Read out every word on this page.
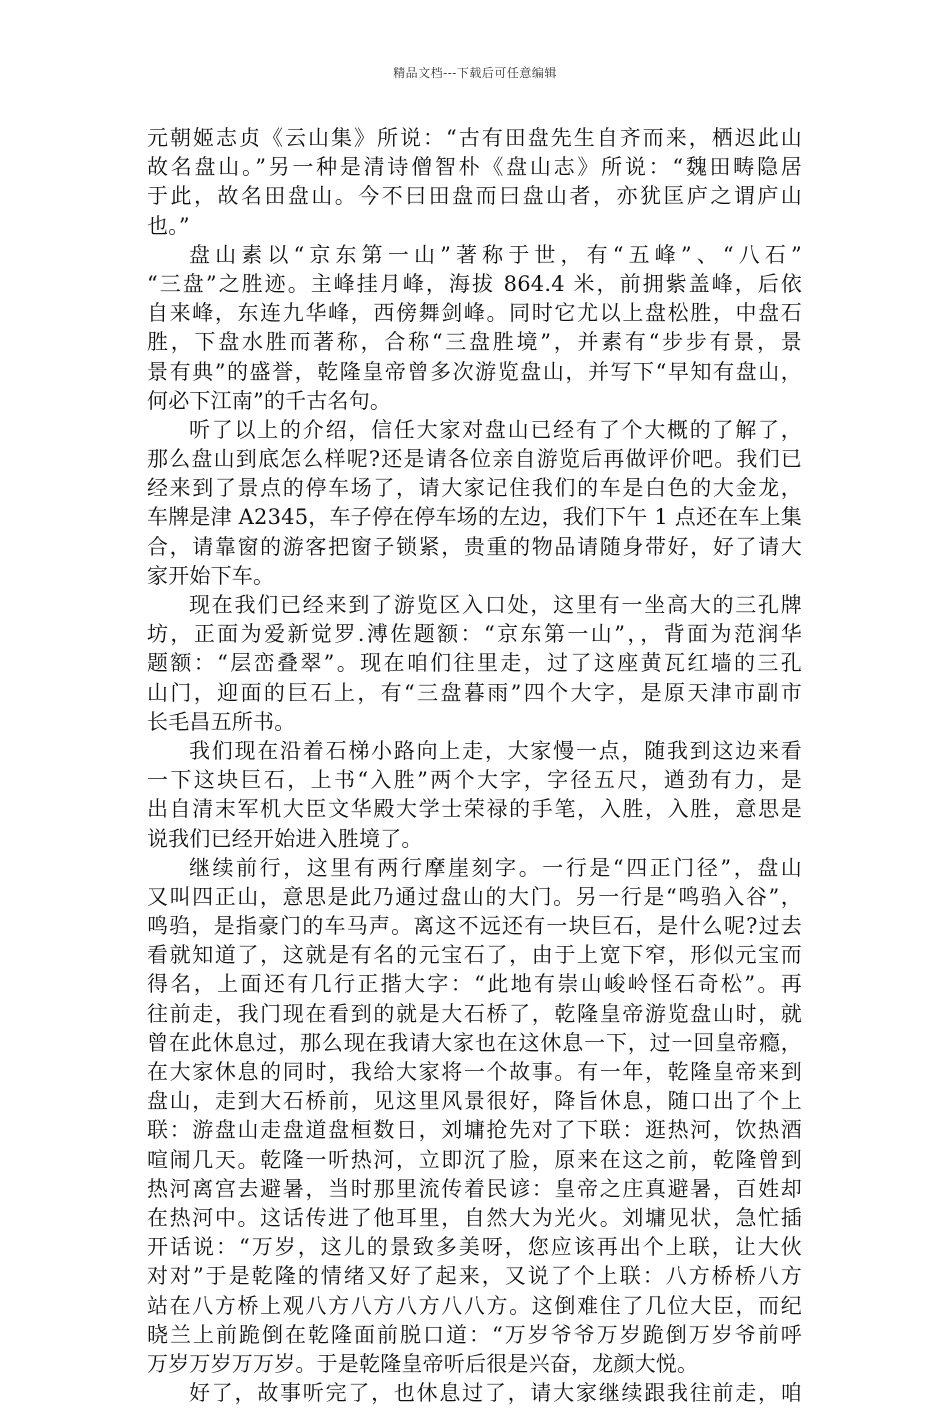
精品文档---下载后可任意编辑
元朝姬志贞《云山集》所说：“古有田盘先生自齐而来，栖迟此山
故名盘山。”另一种是清诗僧智朴《盘山志》所说：“魏田畴隐居
于此，故名田盘山。今不曰田盘而曰盘山者，亦犹匡庐之谓庐山
也。”
盘山素以“京东第一山”著称于世，有“五峰”、“八石”
“三盘”之胜迹。主峰挂月峰，海拔 864.4 米，前拥紫盖峰，后依
自来峰，东连九华峰，西傍舞剑峰。同时它尤以上盘松胜，中盘石
胜，下盘水胜而著称，合称“三盘胜境”，并素有“步步有景，景
景有典”的盛誉，乾隆皇帝曾多次游览盘山，并写下“早知有盘山，
何必下江南”的千古名句。
听了以上的介绍，信任大家对盘山已经有了个大概的了解了，
那么盘山到底怎么样呢?还是请各位亲自游览后再做评价吧。我们已
经来到了景点的停车场了，请大家记住我们的车是白色的大金龙，
车牌是津 A2345，车子停在停车场的左边，我们下午 1 点还在车上集
合，请靠窗的游客把窗子锁紧，贵重的物品请随身带好，好了请大
家开始下车。
现在我们已经来到了游览区入口处，这里有一坐高大的三孔牌
坊，正面为爱新觉罗.溥佐题额：“京东第一山”，，背面为范润华
题额：“层峦叠翠”。现在咱们往里走，过了这座黄瓦红墙的三孔
山门，迎面的巨石上，有“三盘暮雨”四个大字，是原天津市副市
长毛昌五所书。
我们现在沿着石梯小路向上走，大家慢一点，随我到这边来看
一下这块巨石，上书“入胜”两个大字，字径五尺，遒劲有力，是
出自清末军机大臣文华殿大学士荣禄的手笔，入胜，入胜，意思是
说我们已经开始进入胜境了。
继续前行，这里有两行摩崖刻字。一行是“四正门径”，盘山
又叫四正山，意思是此乃通过盘山的大门。另一行是“鸣驺入谷”，
鸣驺，是指豪门的车马声。离这不远还有一块巨石，是什么呢?过去
看就知道了，这就是有名的元宝石了，由于上宽下窄，形似元宝而
得名，上面还有几行正揩大字：“此地有崇山峻岭怪石奇松”。再
往前走，我门现在看到的就是大石桥了，乾隆皇帝游览盘山时，就
曾在此休息过，那么现在我请大家也在这休息一下，过一回皇帝瘾，
在大家休息的同时，我给大家将一个故事。有一年，乾隆皇帝来到
盘山，走到大石桥前，见这里风景很好，降旨休息，随口出了个上
联：游盘山走盘道盘桓数日，刘墉抢先对了下联：逛热河，饮热酒
喧闹几天。乾隆一听热河，立即沉了脸，原来在这之前，乾隆曾到
热河离宫去避暑，当时那里流传着民谚：皇帝之庄真避暑，百姓却
在热河中。这话传进了他耳里，自然大为光火。刘墉见状，急忙插
开话说：“万岁，这儿的景致多美呀，您应该再出个上联，让大伙
对对”于是乾隆的情绪又好了起来，又说了个上联：八方桥桥八方
站在八方桥上观八方八方八方八八方。这倒难住了几位大臣，而纪
晓兰上前跪倒在乾隆面前脱口道：“万岁爷爷万岁跪倒万岁爷前呼
万岁万岁万万岁。于是乾隆皇帝听后很是兴奋，龙颜大悦。
好了，故事听完了，也休息过了，请大家继续跟我往前走，咱
